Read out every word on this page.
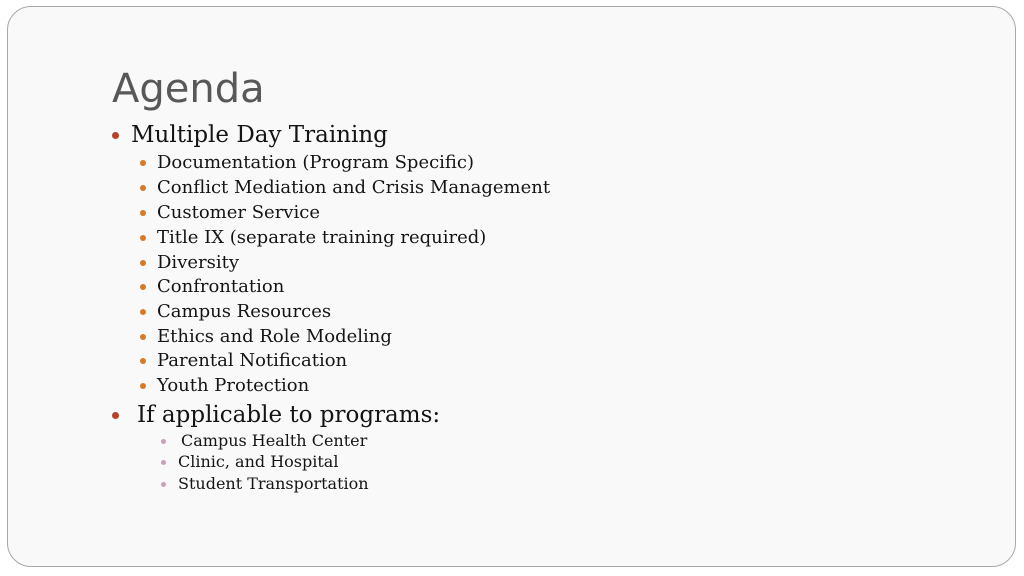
Agenda
Multiple Day Training
Documentation (Program Specific)
Conflict Mediation and Crisis Management
Customer Service
Title IX (separate training required)
Diversity
Confrontation
Campus Resources
Ethics and Role Modeling
Parental Notification
Youth Protection
If applicable to programs:
Campus Health Center
Clinic, and Hospital
Student Transportation
